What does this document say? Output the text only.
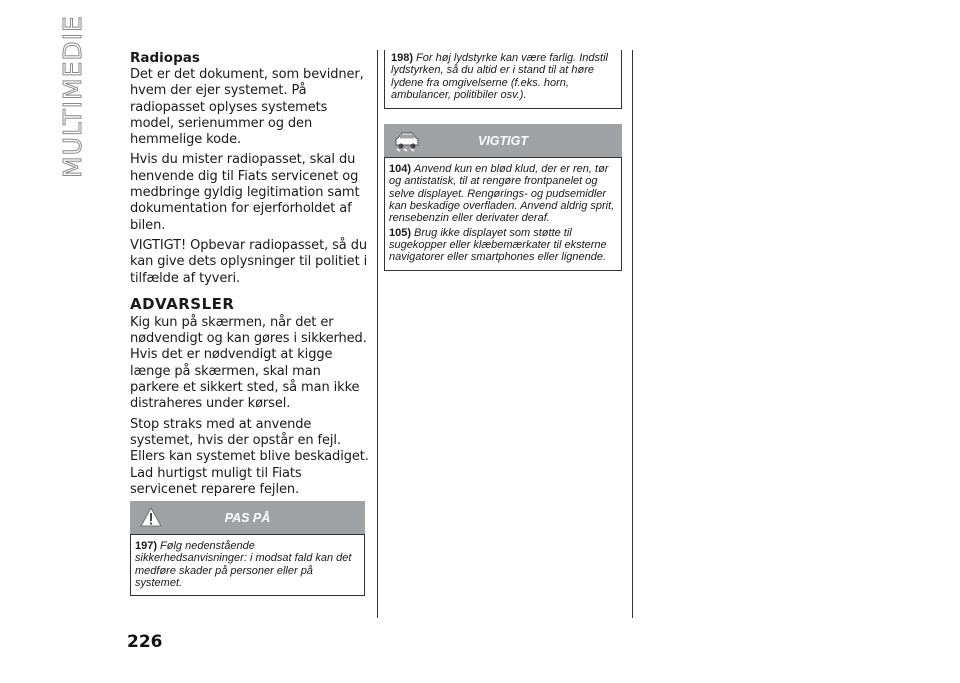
MULTIMEDIE	Radiopas

Det er det dokument, som bevidner, hvem der ejer systemet. På radiopasset oplyses systemets model, serienummer og den hemmelige kode.

Hvis du mister radiopasset, skal du henvende dig til Fiats servicenet og medbringe gyldig legitimation samt dokumentation for ejerforholdet af bilen.

VIGTIGT! Opbevar radiopasset, så du kan give dets oplysninger til politiet i tilfælde af tyveri.

ADVARSLER

Kig kun på skærmen, når det er nødvendigt og kan gøres i sikkerhed. Hvis det er nødvendigt at kigge længe på skærmen, skal man parkere et sikkert sted, så man ikke distraheres under kørsel.

Stop straks med at anvende systemet, hvis der opstår en fejl. Ellers kan systemet blive beskadiget. Lad hurtigst muligt til Fiats servicenet reparere fejlen.

PAS PÅ
197) Følg nedenstående sikkerhedsanvisninger: i modsat fald kan det medføre skader på personer eller på systemet.
198) For høj lydstyrke kan være farlig. Indstil lydstyrken, så du altid er i stand til at høre lydene fra omgivelserne (f.eks. horn, ambulancer, politibiler osv.).
VIGTIGT
104) Anvend kun en blød klud, der er ren, tør og antistatisk, til at rengøre frontpanelet og selve displayet. Rengørings- og pudsemidler kan beskadige overfladen. Anvend aldrig sprit, rensebenzin eller derivater deraf.
105) Brug ikke displayet som støtte til sugekopper eller klæbemærkater til eksterne navigatorer eller smartphones eller lignende.
226
